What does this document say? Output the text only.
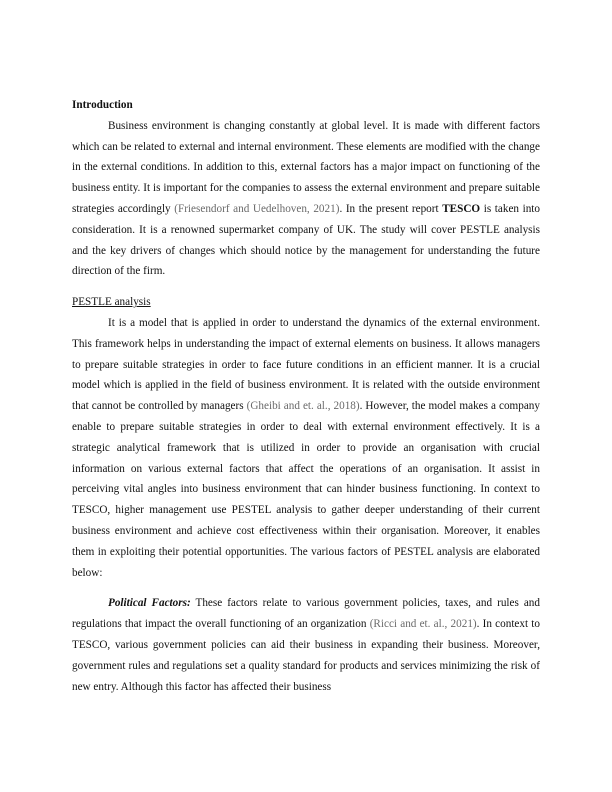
Introduction

Business environment is changing constantly at global level. It is made with different factors which can be related to external and internal environment. These elements are modified with the change in the external conditions. In addition to this, external factors has a major impact on functioning of the business entity. It is important for the companies to assess the external environment and prepare suitable strategies accordingly (Friesendorf and Uedelhoven, 2021). In the present report TESCO is taken into consideration. It is a renowned supermarket company of UK. The study will cover PESTLE analysis and the key drivers of changes which should notice by the management for understanding the future direction of the firm.

PESTLE analysis

It is a model that is applied in order to understand the dynamics of the external environment. This framework helps in understanding the impact of external elements on business. It allows managers to prepare suitable strategies in order to face future conditions in an efficient manner. It is a crucial model which is applied in the field of business environment. It is related with the outside environment that cannot be controlled by managers (Gheibi and et. al., 2018). However, the model makes a company enable to prepare suitable strategies in order to deal with external environment effectively. It is a strategic analytical framework that is utilized in order to provide an organisation with crucial information on various external factors that affect the operations of an organisation. It assist in perceiving vital angles into business environment that can hinder business functioning. In context to TESCO, higher management use PESTEL analysis to gather deeper understanding of their current business environment and achieve cost effectiveness within their organisation. Moreover, it enables them in exploiting their potential opportunities. The various factors of PESTEL analysis are elaborated below:

Political Factors: These factors relate to various government policies, taxes, and rules and regulations that impact the overall functioning of an organization (Ricci and et. al., 2021). In context to TESCO, various government policies can aid their business in expanding their business. Moreover, government rules and regulations set a quality standard for products and services minimizing the risk of new entry. Although this factor has affected their business
